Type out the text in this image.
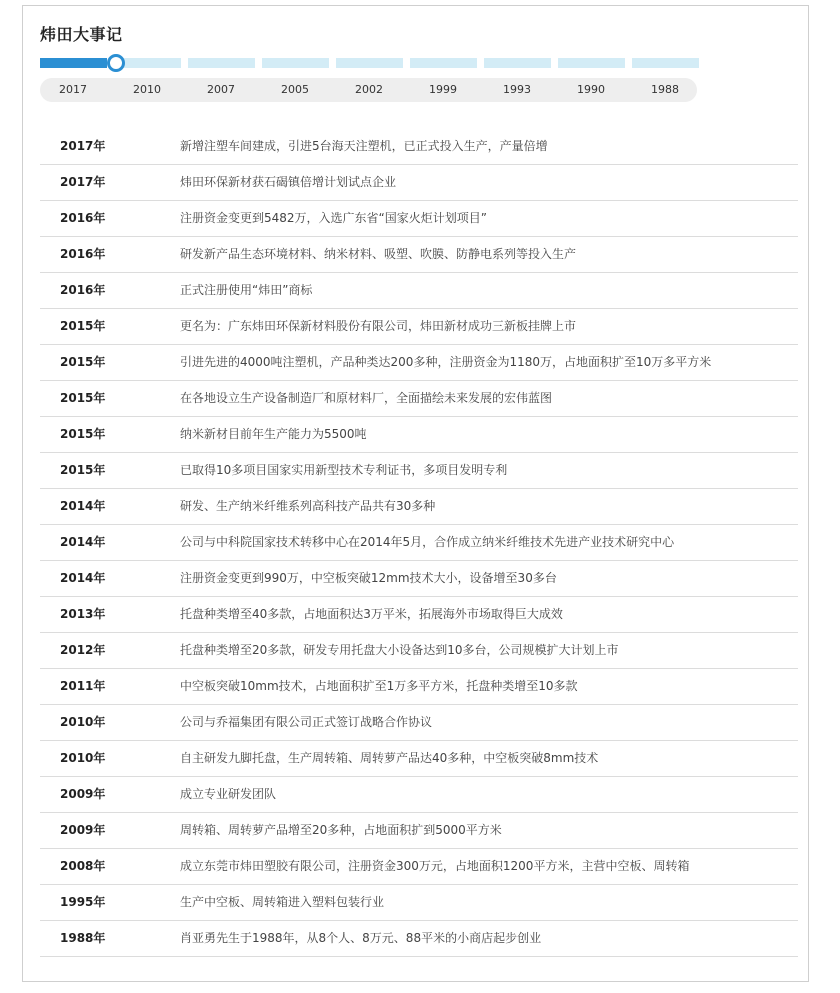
炜田大事记
2017	2010	2007	2005	2002	1999	1993	1990	1988
2017年	新增注塑车间建成，引进5台海天注塑机，已正式投入生产，产量倍增
2017年	炜田环保新材获石碣镇倍增计划试点企业
2016年	注册资金变更到5482万，入选广东省“国家火炬计划项目”
2016年	研发新产品生态环境材料、纳米材料、吸塑、吹膜、防静电系列等投入生产
2016年	正式注册使用“炜田”商标
2015年	更名为：广东炜田环保新材料股份有限公司，炜田新材成功三新板挂牌上市
2015年	引进先进的4000吨注塑机，产品种类达200多种，注册资金为1180万，占地面积扩至10万多平方米
2015年	在各地设立生产设备制造厂和原材料厂，全面描绘未来发展的宏伟蓝图
2015年	纳米新材目前年生产能力为5500吨
2015年	已取得10多项目国家实用新型技术专利证书，多项目发明专利
2014年	研发、生产纳米纤维系列高科技产品共有30多种
2014年	公司与中科院国家技术转移中心在2014年5月，合作成立纳米纤维技术先进产业技术研究中心
2014年	注册资金变更到990万，中空板突破12mm技术大小，设备增至30多台
2013年	托盘种类增至40多款，占地面积达3万平米，拓展海外市场取得巨大成效
2012年	托盘种类增至20多款，研发专用托盘大小设备达到10多台，公司规模扩大计划上市
2011年	中空板突破10mm技术，占地面积扩至1万多平方米，托盘种类增至10多款
2010年	公司与乔福集团有限公司正式签订战略合作协议
2010年	自主研发九脚托盘，生产周转箱、周转萝产品达40多种，中空板突破8mm技术
2009年	成立专业研发团队
2009年	周转箱、周转萝产品增至20多种，占地面积扩到5000平方米
2008年	成立东莞市炜田塑胶有限公司，注册资金300万元，占地面积1200平方米，主营中空板、周转箱
1995年	生产中空板、周转箱进入塑料包装行业
1988年	肖亚勇先生于1988年，从8个人、8万元、88平米的小商店起步创业
